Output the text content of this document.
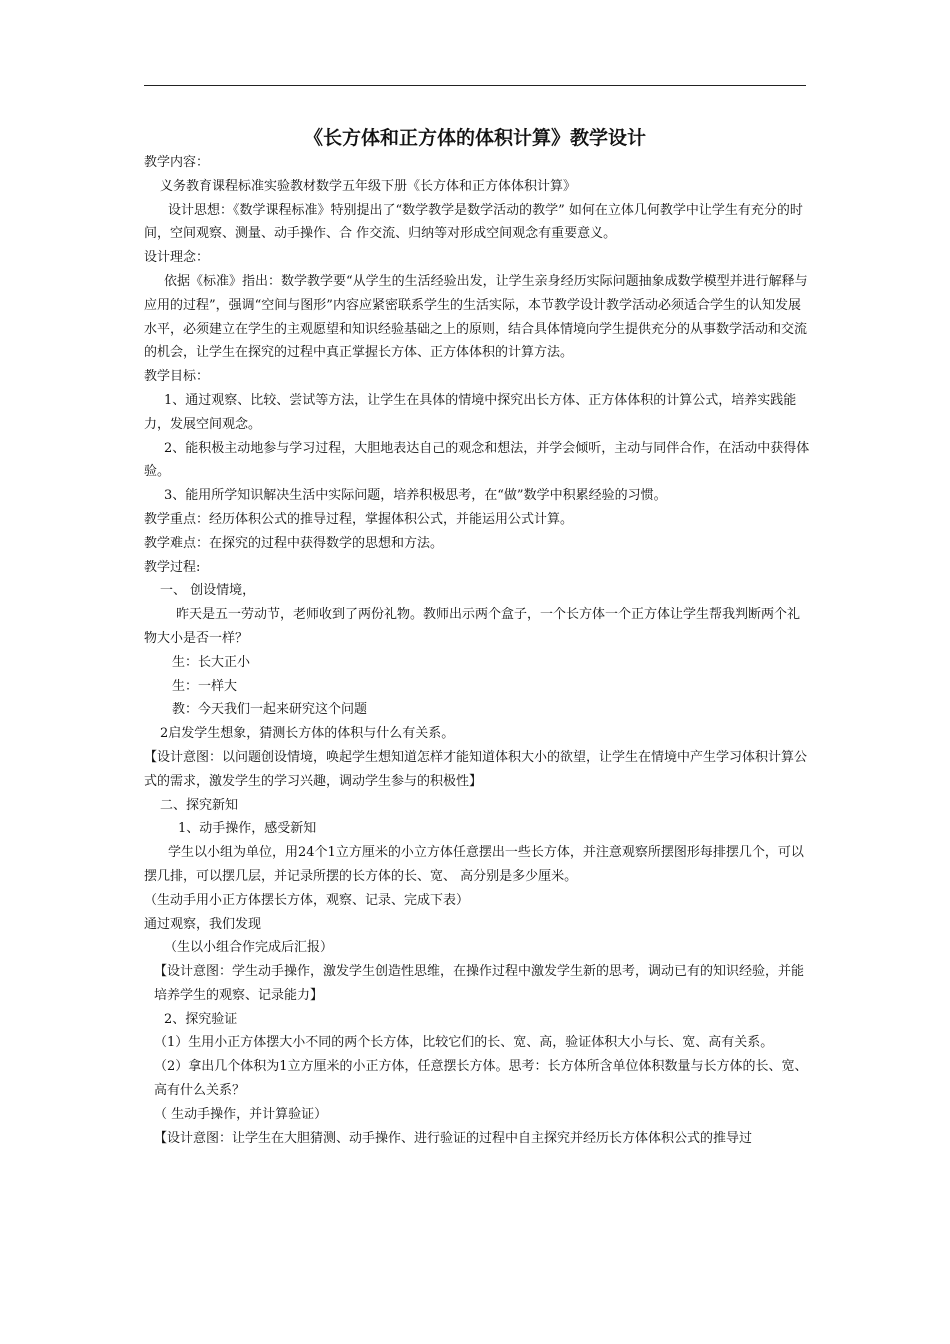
《长方体和正方体的体积计算》教学设计

教学内容：

义务教育课程标准实验教材数学五年级下册《长方体和正方体体积计算》

设计思想：《数学课程标准》特别提出了“数学教学是数学活动的教学” 如何在立体几何教学中让学生有充分的时间，空间观察、测量、动手操作、合 作交流、归纳等对形成空间观念有重要意义。

设计理念：

依据《标准》指出：数学教学要“从学生的生活经验出发，让学生亲身经历实际问题抽象成数学模型并进行解释与应用的过程”，强调“空间与图形”内容应紧密联系学生的生活实际，本节教学设计教学活动必须适合学生的认知发展水平，必须建立在学生的主观愿望和知识经验基础之上的原则，结合具体情境向学生提供充分的从事数学活动和交流的机会，让学生在探究的过程中真正掌握长方体、正方体体积的计算方法。

教学目标：

1、通过观察、比较、尝试等方法，让学生在具体的情境中探究出长方体、正方体体积的计算公式，培养实践能力，发展空间观念。

2、能积极主动地参与学习过程，大胆地表达自己的观念和想法，并学会倾听，主动与同伴合作，在活动中获得体验。

3、能用所学知识解决生活中实际问题，培养积极思考，在“做”数学中积累经验的习惯。

教学重点：经历体积公式的推导过程，掌握体积公式，并能运用公式计算。

教学难点：在探究的过程中获得数学的思想和方法。

教学过程:

一、 创设情境，

昨天是五一劳动节，老师收到了两份礼物。教师出示两个盒子，一个长方体一个正方体让学生帮我判断两个礼物大小是否一样？

生：长大正小

生：一样大

教：今天我们一起来研究这个问题

2启发学生想象，猜测长方体的体积与什么有关系。

【设计意图：以问题创设情境，唤起学生想知道怎样才能知道体积大小的欲望，让学生在情境中产生学习体积计算公式的需求，激发学生的学习兴趣，调动学生参与的积极性】

二、探究新知

1、动手操作，感受新知

学生以小组为单位，用24个1立方厘米的小立方体任意摆出一些长方体，并注意观察所摆图形每排摆几个，可以摆几排，可以摆几层，并记录所摆的长方体的长、宽、 高分别是多少厘米。

（生动手用小正方体摆长方体，观察、记录、完成下表）

通过观察，我们发现

（生以小组合作完成后汇报）

【设计意图：学生动手操作，激发学生创造性思维，在操作过程中激发学生新的思考，调动已有的知识经验，并能培养学生的观察、记录能力】

2、探究验证

（1）生用小正方体摆大小不同的两个长方体，比较它们的长、宽、高，验证体积大小与长、宽、高有关系。

（2）拿出几个体积为1立方厘米的小正方体，任意摆长方体。思考：长方体所含单位体积数量与长方体的长、宽、高有什么关系？

（ 生动手操作，并计算验证）

【设计意图：让学生在大胆猜测、动手操作、进行验证的过程中自主探究并经历长方体体积公式的推导过
